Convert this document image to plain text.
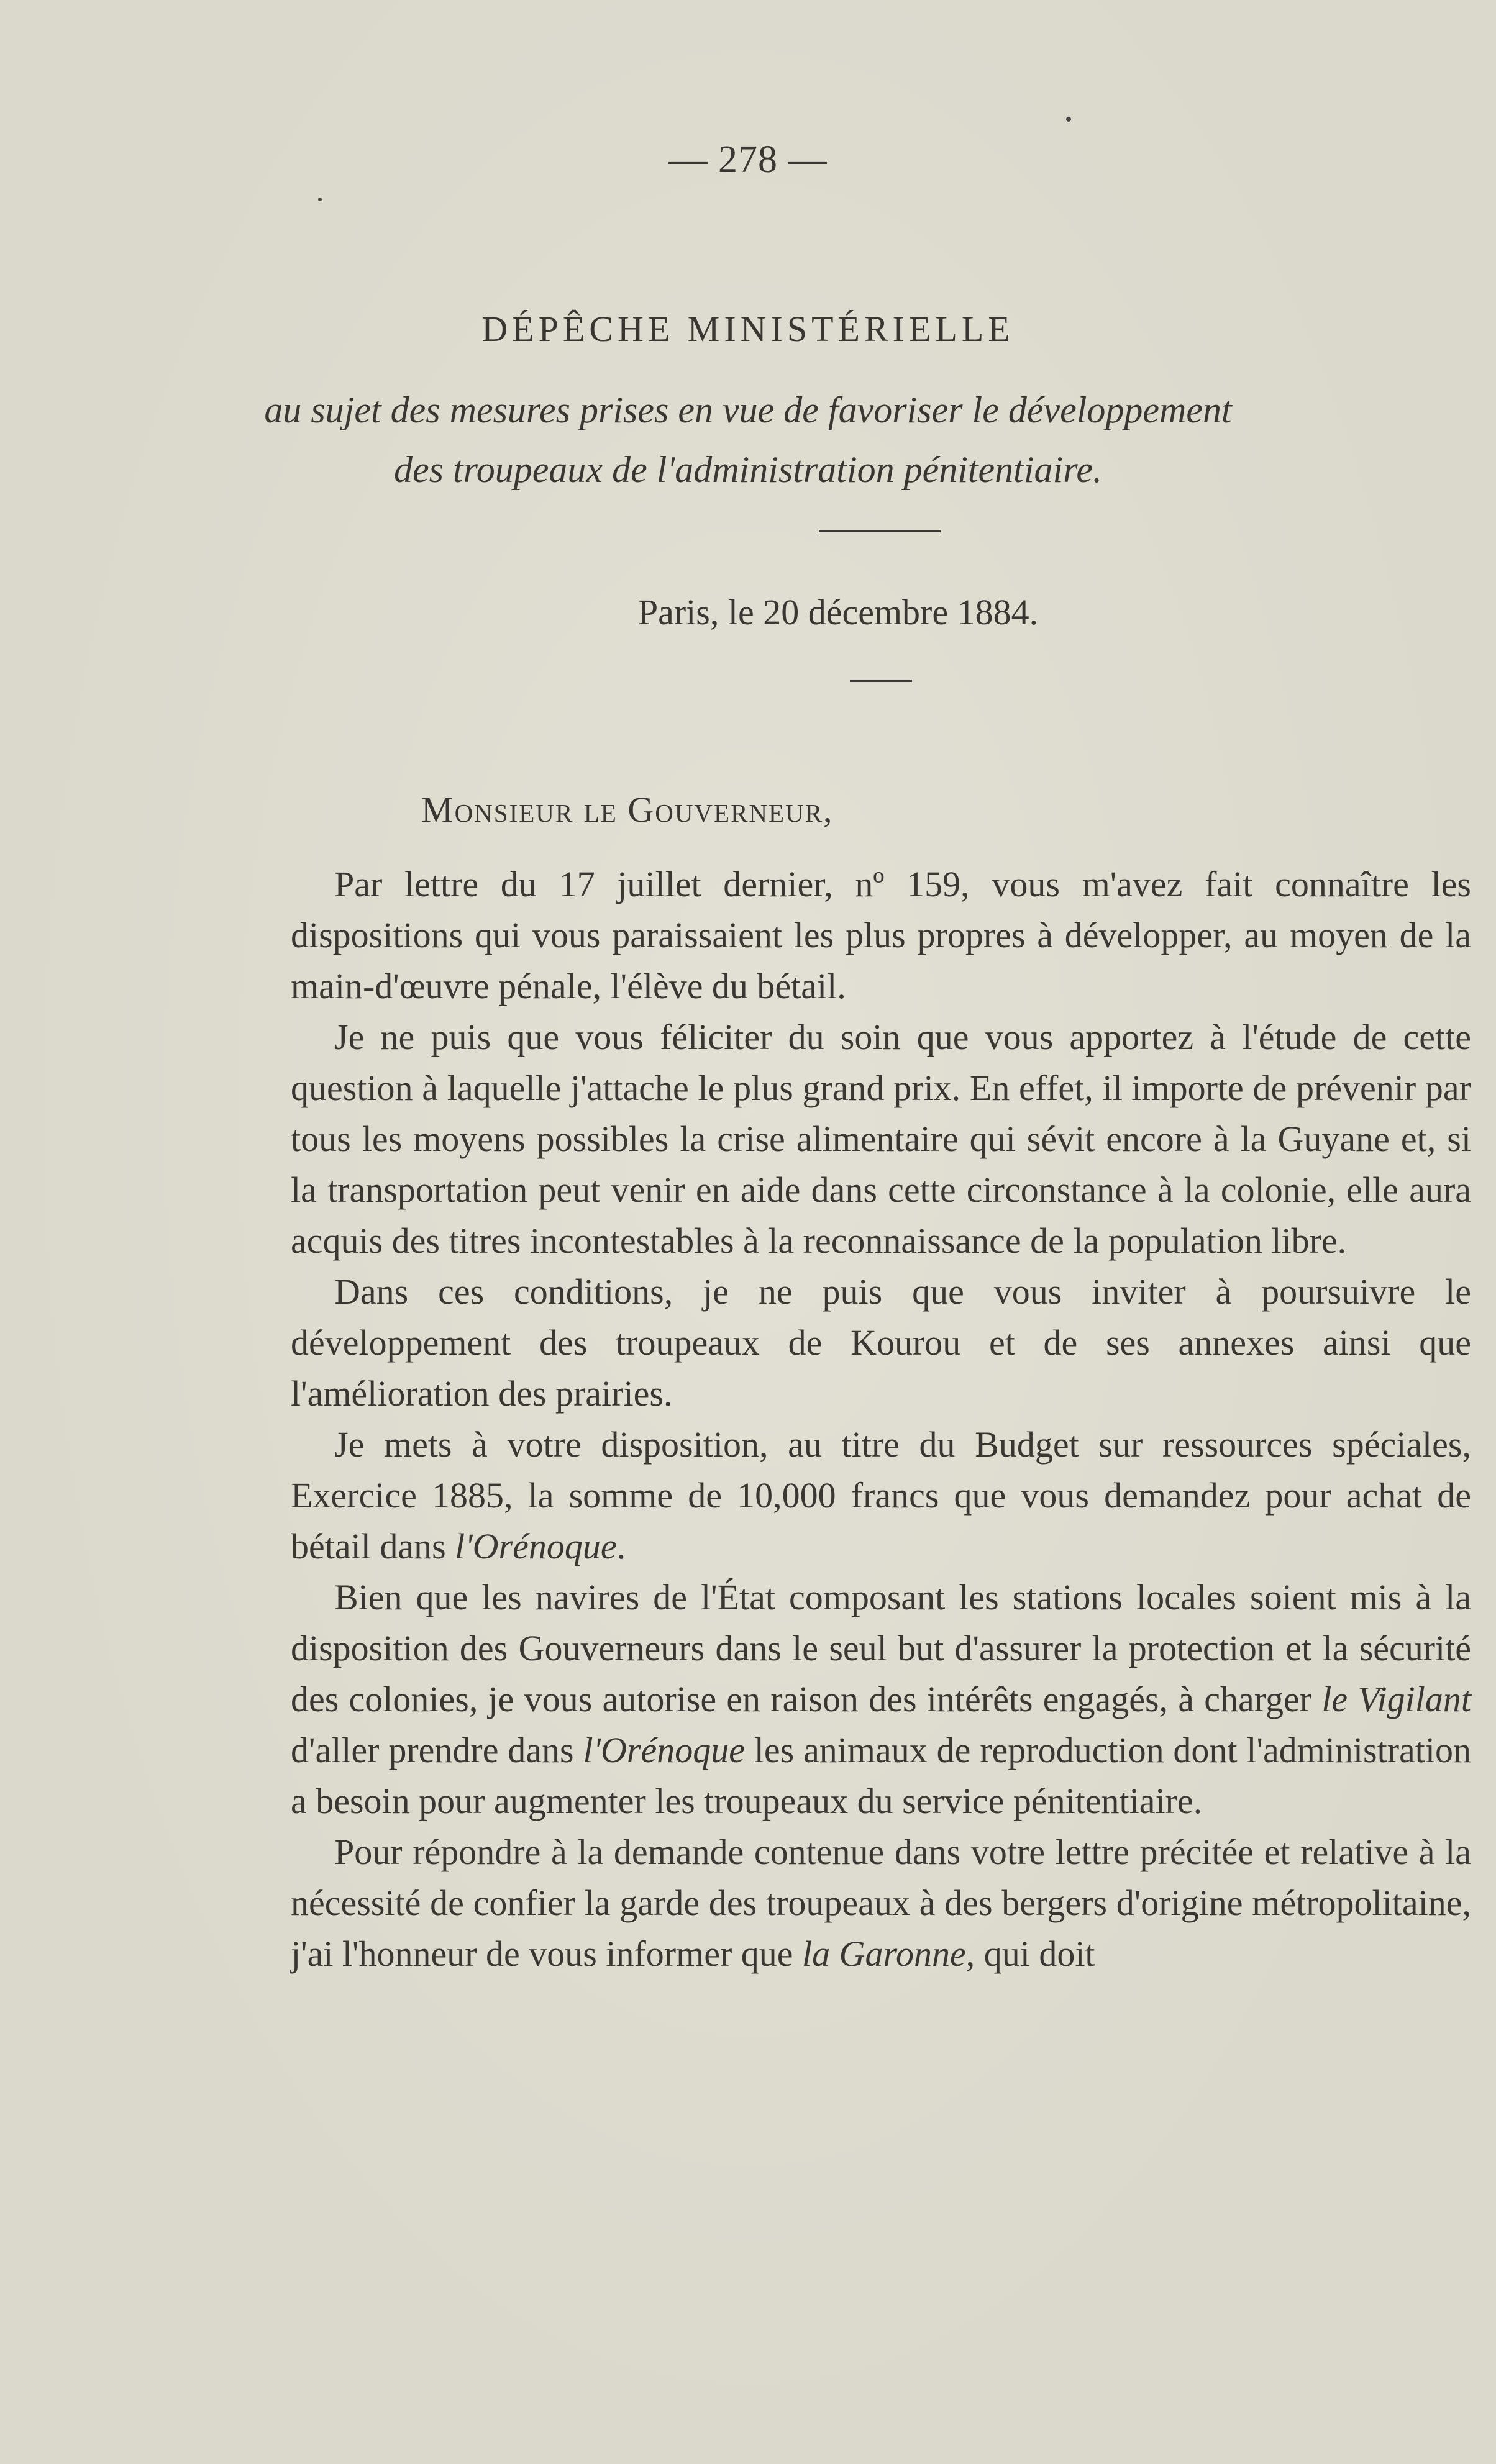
— 278 —
DÉPÊCHE MINISTÉRIELLE
au sujet des mesures prises en vue de favoriser le développement
des troupeaux de l'administration pénitentiaire.
Paris, le 20 décembre 1884.
Monsieur le Gouverneur,

Par lettre du 17 juillet dernier, nº 159, vous m'avez fait connaître les dispositions qui vous paraissaient les plus propres à développer, au moyen de la main-d'œuvre pénale, l'élève du bétail.

Je ne puis que vous féliciter du soin que vous apportez à l'étude de cette question à laquelle j'attache le plus grand prix. En effet, il importe de prévenir par tous les moyens possibles la crise alimentaire qui sévit encore à la Guyane et, si la transportation peut venir en aide dans cette circonstance à la colonie, elle aura acquis des titres incontestables à la reconnaissance de la population libre.

Dans ces conditions, je ne puis que vous inviter à poursuivre le développement des troupeaux de Kourou et de ses annexes ainsi que l'amélioration des prairies.

Je mets à votre disposition, au titre du Budget sur ressources spéciales, Exercice 1885, la somme de 10,000 francs que vous demandez pour achat de bétail dans l'Orénoque.

Bien que les navires de l'État composant les stations locales soient mis à la disposition des Gouverneurs dans le seul but d'assurer la protection et la sécurité des colonies, je vous autorise en raison des intérêts engagés, à charger le Vigilant d'aller prendre dans l'Orénoque les animaux de reproduction dont l'administration a besoin pour augmenter les troupeaux du service pénitentiaire.

Pour répondre à la demande contenue dans votre lettre précitée et relative à la nécessité de confier la garde des troupeaux à des bergers d'origine métropolitaine, j'ai l'honneur de vous informer que la Garonne, qui doit
